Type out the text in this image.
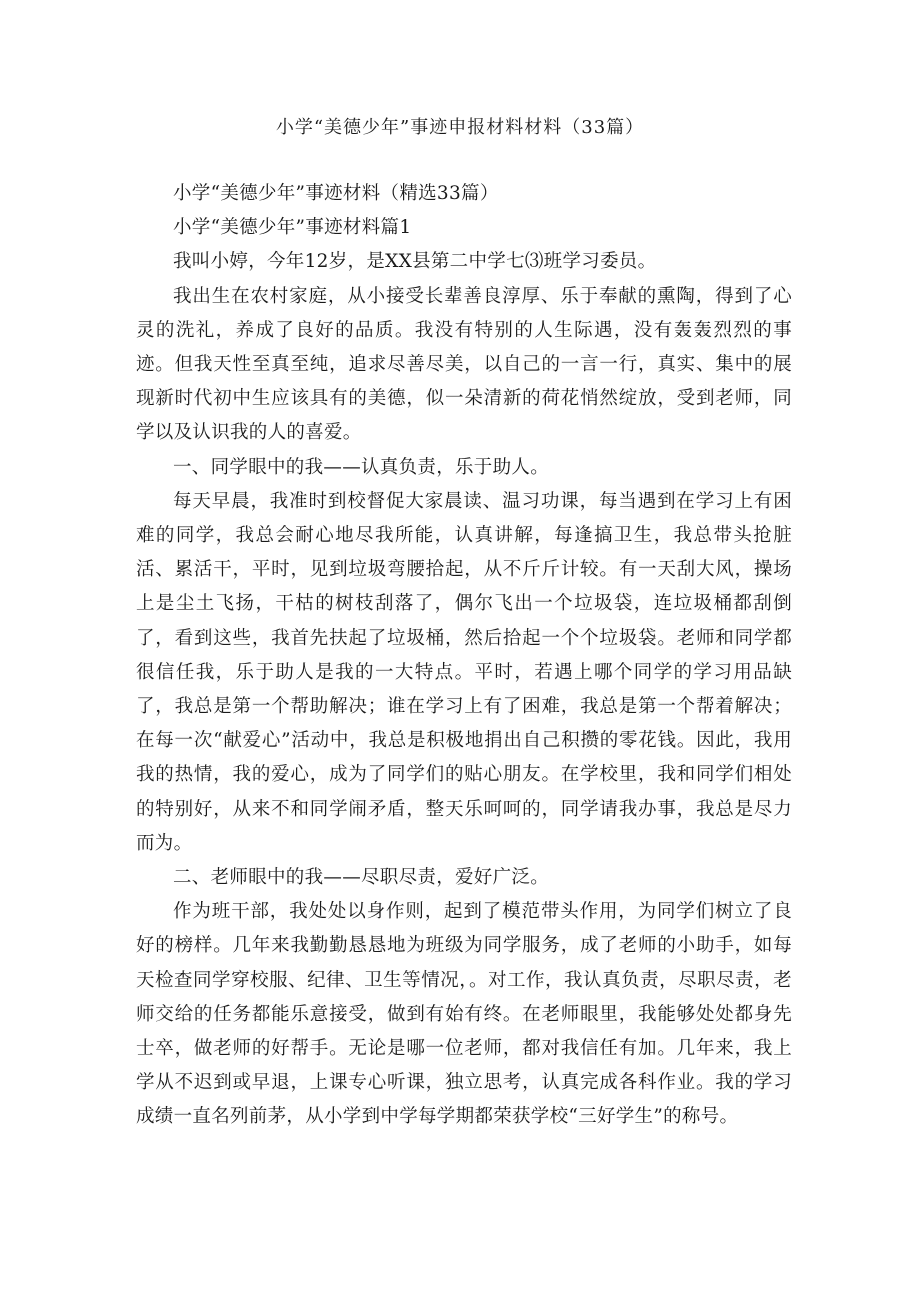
小学“美德少年”事迹申报材料材料（33篇）

小学“美德少年”事迹材料（精选33篇）

小学“美德少年”事迹材料篇1

我叫小婷，今年12岁，是XX县第二中学七⑶班学习委员。

我出生在农村家庭，从小接受长辈善良淳厚、乐于奉献的熏陶，得到了心灵的洗礼，养成了良好的品质。我没有特别的人生际遇，没有轰轰烈烈的事迹。但我天性至真至纯，追求尽善尽美，以自己的一言一行，真实、集中的展现新时代初中生应该具有的美德，似一朵清新的荷花悄然绽放，受到老师，同学以及认识我的人的喜爱。

一、同学眼中的我——认真负责，乐于助人。

每天早晨，我准时到校督促大家晨读、温习功课，每当遇到在学习上有困难的同学，我总会耐心地尽我所能，认真讲解，每逢搞卫生，我总带头抢脏活、累活干，平时，见到垃圾弯腰拾起，从不斤斤计较。有一天刮大风，操场上是尘土飞扬，干枯的树枝刮落了，偶尔飞出一个垃圾袋，连垃圾桶都刮倒了，看到这些，我首先扶起了垃圾桶，然后拾起一个个垃圾袋。老师和同学都很信任我，乐于助人是我的一大特点。平时，若遇上哪个同学的学习用品缺了，我总是第一个帮助解决；谁在学习上有了困难，我总是第一个帮着解决；在每一次“献爱心”活动中，我总是积极地捐出自己积攒的零花钱。因此，我用我的热情，我的爱心，成为了同学们的贴心朋友。在学校里，我和同学们相处的特别好，从来不和同学闹矛盾，整天乐呵呵的，同学请我办事，我总是尽力而为。

二、老师眼中的我——尽职尽责，爱好广泛。

作为班干部，我处处以身作则，起到了模范带头作用，为同学们树立了良好的榜样。几年来我勤勤恳恳地为班级为同学服务，成了老师的小助手，如每天检查同学穿校服、纪律、卫生等情况，。对工作，我认真负责，尽职尽责，老师交给的任务都能乐意接受，做到有始有终。在老师眼里，我能够处处都身先士卒，做老师的好帮手。无论是哪一位老师，都对我信任有加。几年来，我上学从不迟到或早退，上课专心听课，独立思考，认真完成各科作业。我的学习成绩一直名列前茅，从小学到中学每学期都荣获学校“三好学生”的称号。
